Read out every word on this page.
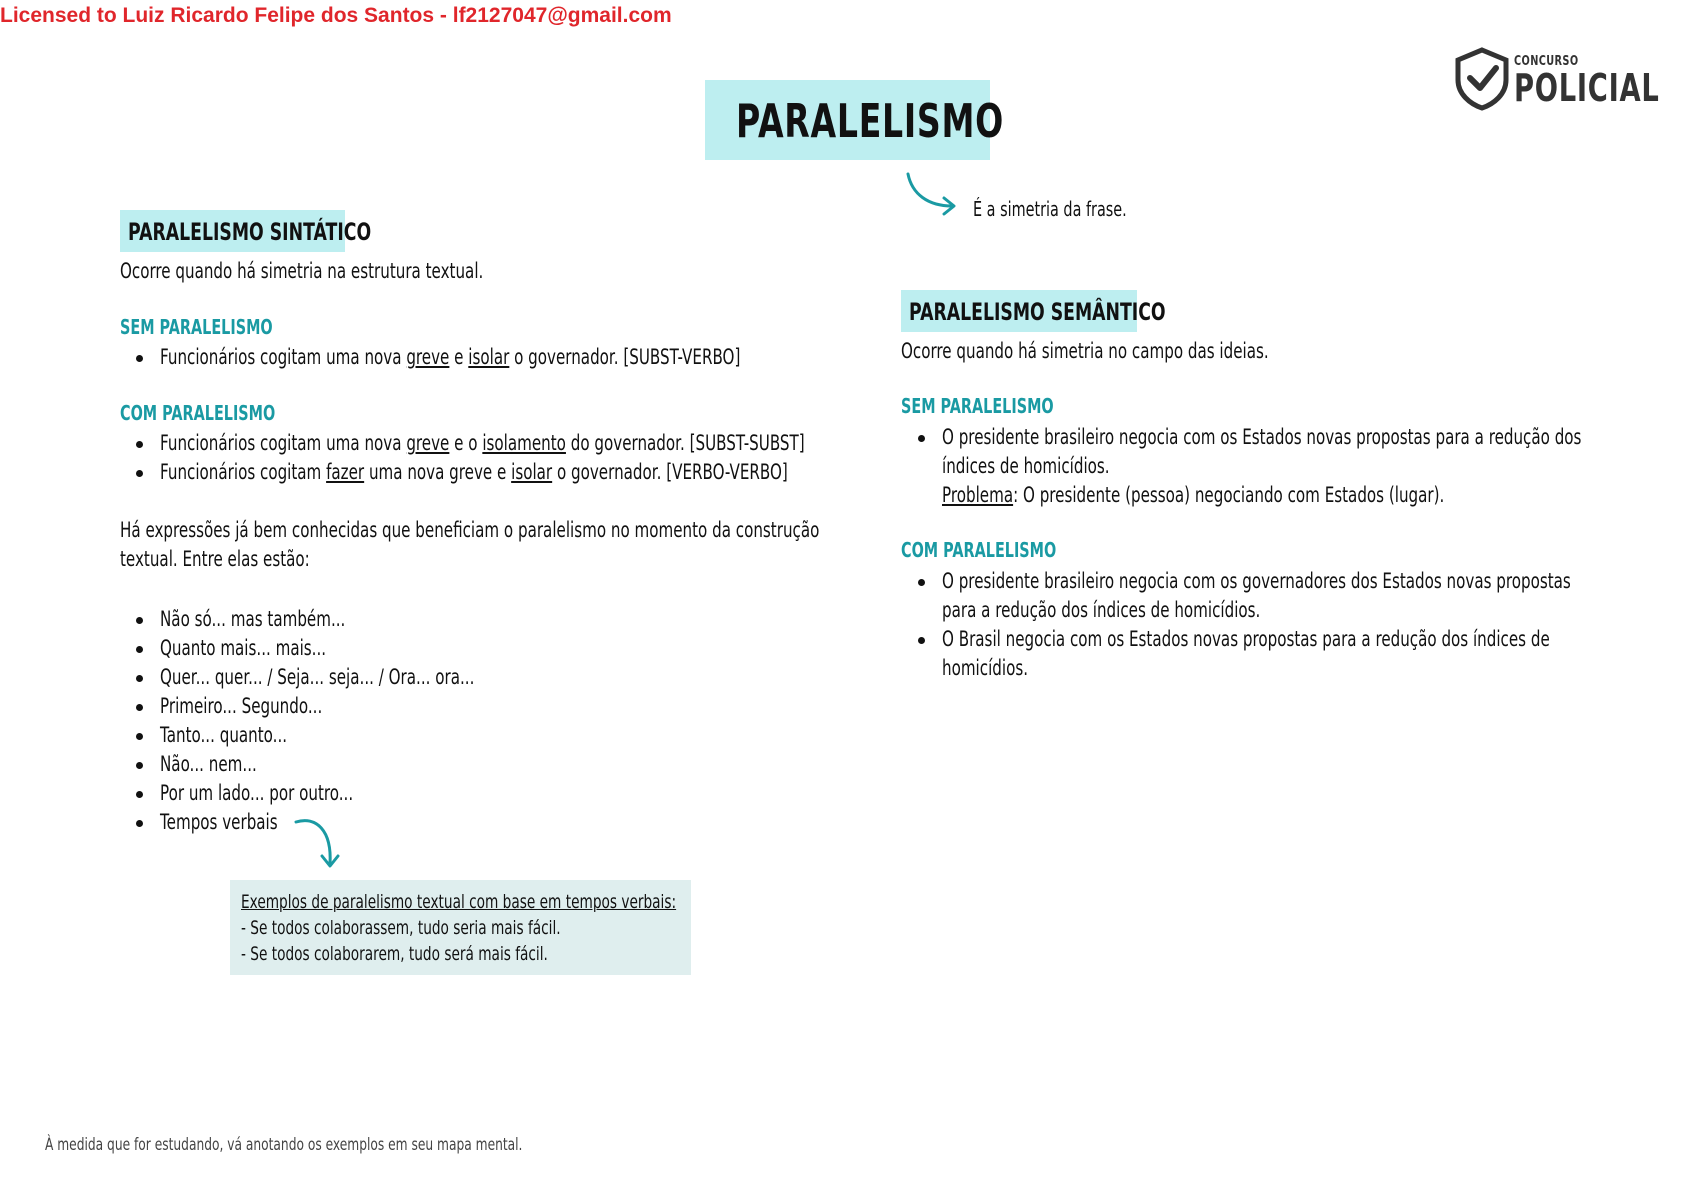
Licensed to Luiz Ricardo Felipe dos Santos - lf2127047@gmail.com
CONCURSO
POLICIAL
PARALELISMO
É a simetria da frase.
PARALELISMO SINTÁTICO
Ocorre quando há simetria na estrutura textual.
SEM PARALELISMO
Funcionários cogitam uma nova greve e isolar o governador. [SUBST-VERBO]
COM PARALELISMO
Funcionários cogitam uma nova greve e o isolamento do governador. [SUBST-SUBST]
Funcionários cogitam fazer uma nova greve e isolar o governador. [VERBO-VERBO]
Há expressões já bem conhecidas que beneficiam o paralelismo no momento da construção
textual. Entre elas estão:
Não só... mas também...
Quanto mais... mais...
Quer... quer... / Seja... seja... / Ora... ora...
Primeiro... Segundo...
Tanto... quanto...
Não... nem...
Por um lado... por outro...
Tempos verbais
Exemplos de paralelismo textual com base em tempos verbais:
- Se todos colaborassem, tudo seria mais fácil.
- Se todos colaborarem, tudo será mais fácil.
PARALELISMO SEMÂNTICO
Ocorre quando há simetria no campo das ideias.
SEM PARALELISMO
O presidente brasileiro negocia com os Estados novas propostas para a redução dos
índices de homicídios.
Problema: O presidente (pessoa) negociando com Estados (lugar).
COM PARALELISMO
O presidente brasileiro negocia com os governadores dos Estados novas propostas
para a redução dos índices de homicídios.
O Brasil negocia com os Estados novas propostas para a redução dos índices de
homicídios.
À medida que for estudando, vá anotando os exemplos em seu mapa mental.
